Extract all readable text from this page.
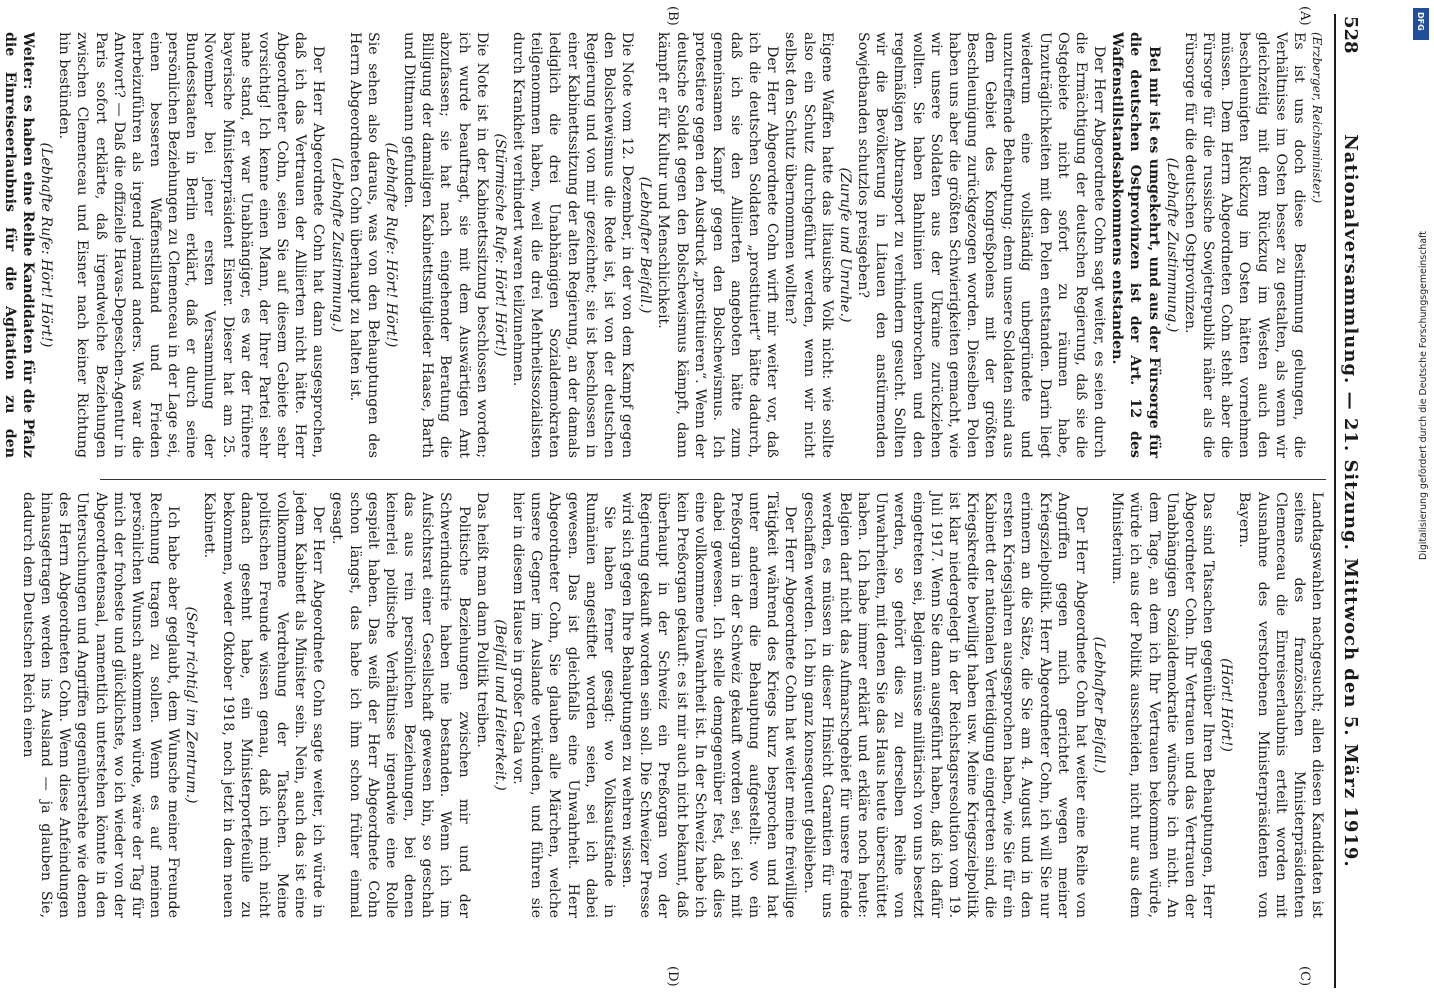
528
Nationalversammlung. — 21. Sitzung. Mittwoch den 5. März 1919.
(A)
(B)
(C)
(D)

(Erzberger, Reichsminister.)

Es ist uns doch diese Bestimmung gelungen, die Verhältnisse im Osten besser zu gestalten, als wenn wir gleichzeitig mit dem Rückzug im Westen auch den beschleunigten Rückzug im Osten hätten vornehmen müssen. Dem Herrn Abgeordneten Cohn steht aber die Fürsorge für die russische Sowjetrepublik näher als die Fürsorge für die deutschen Ostprovinzen.

(Lebhafte Zustimmung.)

Bei mir ist es umgekehrt, und aus der Fürsorge für die deutschen Ostprovinzen ist der Art. 12 des Waffenstillstandsabkommens entstanden.

Der Herr Abgeordnete Cohn sagt weiter, es seien durch die Ermächtigung der deutschen Regierung, daß sie die Ostgebiete nicht sofort zu räumen habe, Unzuträglichkeiten mit den Polen entstanden. Darin liegt wiederum eine vollständig unbegründete und unzutreffende Behauptung; denn unsere Soldaten sind aus dem Gebiet des Kongreßpolens mit der größten Beschleunigung zurückgezogen worden. Dieselben Polen haben uns aber die größten Schwierigkeiten gemacht, wie wir unsere Soldaten aus der Ukraine zurückziehen wollten. Sie haben Bahnlinien unterbrochen und den regelmäßigen Abtransport zu verhindern gesucht. Sollten wir die Bevölkerung in Litauen den anstürmenden Sowjetbanden schutzlos preisgeben?

(Zurufe und Unruhe.)

Eigene Waffen hatte das litauische Volk nicht: wie sollte also ein Schutz durchgeführt werden, wenn wir nicht selbst den Schutz übernommen wollten?

Der Herr Abgeordnete Cohn wirft mir weiter vor, daß ich die deutschen Soldaten „prostituiert“ hätte dadurch, daß ich sie den Alliierten angeboten hätte zum gemeinsamen Kampf gegen den Bolschewismus. Ich protestiere gegen den Ausdruck „prostituieren“. Wenn der deutsche Soldat gegen den Bolschewismus kämpft, dann kämpft er für Kultur und Menschlichkeit.

(Lebhafter Beifall.)

Die Note vom 12. Dezember, in der von dem Kampf gegen den Bolschewismus die Rede ist, ist von der deutschen Regierung und von mir gezeichnet; sie ist beschlossen in einer Kabinettssitzung der alten Regierung, an der damals lediglich die drei Unabhängigen Sozialdemokraten teilgenommen haben, weil die drei Mehrheitssozialisten durch Krankheit verhindert waren teilzunehmen.

(Stürmische Rufe: Hört! Hört!)

Die Note ist in der Kabinettssitzung beschlossen worden; ich wurde beauftragt, sie mit dem Auswärtigen Amt abzufassen; sie hat nach eingehender Beratung die Billigung der damaligen Kabinettsmitglieder Haase, Barth und Dittmann gefunden.

(Lebhafte Rufe: Hört! Hört!)

Sie sehen also daraus, was von den Behauptungen des Herrn Abgeordneten Cohn überhaupt zu halten ist.

(Lebhafte Zustimmung.)

Der Herr Abgeordnete Cohn hat dann ausgesprochen, daß ich das Vertrauen der Alliierten nicht hätte. Herr Abgeordneter Cohn, seien Sie auf diesem Gebiete sehr vorsichtig! Ich kenne einen Mann, der Ihrer Partei sehr nahe stand, er war Unabhängiger, es war der frühere bayerische Ministerpräsident Eisner. Dieser hat am 25. November bei jener ersten Versammlung der Bundesstaaten in Berlin erklärt, daß er durch seine persönlichen Beziehungen zu Clemenceau in der Lage sei, einen besseren Waffenstillstand und Frieden herbeizuführen als irgend jemand anders. Was war die Antwort? — Daß die offizielle Havas-Depeschen-Agentur in Paris sofort erklärte, daß irgendwelche Beziehungen zwischen Clemenceau und Eisner nach keiner Richtung hin bestünden.

(Lebhafte Rufe: Hört! Hört!)

Weiter: es haben eine Reihe Kandidaten für die Pfalz die Einreiseerlaubnis für die Agitation zu den

Landtagswahlen nachgesucht; allen diesen Kandidaten ist seitens des französischen Ministerpräsidenten Clemenceau die Einreiseerlaubnis erteilt worden mit Ausnahme des verstorbenen Ministerpräsidenten von Bayern.

(Hört! Hört!)

Das sind Tatsachen gegenüber Ihren Behauptungen, Herr Abgeordneter Cohn. Ihr Vertrauen und das Vertrauen der Unabhängigen Sozialdemokratie wünsche ich nicht. An dem Tage, an dem ich Ihr Vertrauen bekommen würde, würde ich aus der Politik ausscheiden, nicht nur aus dem Ministerium.

(Lebhafter Beifall.)

Der Herr Abgeordnete Cohn hat weiter eine Reihe von Angriffen gegen mich gerichtet wegen meiner Kriegszielpolitik. Herr Abgeordneter Cohn, ich will Sie nur erinnern an die Sätze, die Sie am 4. August und in den ersten Kriegsjahren ausgesprochen haben, wie Sie für ein Kabinett der nationalen Verteidigung eingetreten sind, die Kriegskredite bewilligt haben usw. Meine Kriegszielpolitik ist klar niedergelegt in der Reichstagsresolution vom 19. Juli 1917. Wenn Sie dann ausgeführt haben, daß ich dafür eingetreten sei, Belgien müsse militärisch von uns besetzt werden, so gehört dies zu derselben Reihe von Unwahrheiten, mit denen Sie das Haus heute überschüttet haben. Ich habe immer erklärt und erkläre noch heute: Belgien darf nicht das Aufmarschgebiet für unsere Feinde werden, es müssen in dieser Hinsicht Garantien für uns geschaffen werden. Ich bin ganz konsequent geblieben.

Der Herr Abgeordnete Cohn hat weiter meine freiwillige Tätigkeit während des Kriegs kurz besprochen und hat unter anderem die Behauptung aufgestellt: wo ein Preßorgan in der Schweiz gekauft worden sei, sei ich mit dabei gewesen. Ich stelle demgegenüber fest, daß dies eine vollkommene Unwahrheit ist. In der Schweiz habe ich kein Preßorgan gekauft: es ist mir auch nicht bekannt, daß überhaupt in der Schweiz ein Preßorgan von der Regierung gekauft worden sein soll. Die Schweizer Presse wird sich gegen Ihre Behauptungen zu wehren wissen.

Sie haben ferner gesagt: wo Volksaufstände in Rumänien angestiftet worden seien, sei ich dabei gewesen. Das ist gleichfalls eine Unwahrheit. Herr Abgeordneter Cohn, Sie glauben alle Märchen, welche unsere Gegner im Auslande verkünden, und führen sie hier in diesem Hause in großer Gala vor.

(Beifall und Heiterkeit.)

Das heißt man dann Politik treiben.

Politische Beziehungen zwischen mir und der Schwerindustrie haben nie bestanden. Wenn ich im Aufsichtsrat einer Gesellschaft gewesen bin, so geschah das aus rein persönlichen Beziehungen, bei denen keinerlei politische Verhältnisse irgendwie eine Rolle gespielt haben. Das weiß der Herr Abgeordnete Cohn schon längst, das habe ich ihm schon früher einmal gesagt.

Der Herr Abgeordnete Cohn sagte weiter, ich würde in jedem Kabinett als Minister sein. Nein, auch das ist eine vollkommene Verdrehung der Tatsachen. Meine politischen Freunde wissen genau, daß ich mich nicht danach gesehnt habe, ein Ministerportefeuille zu bekommen, weder Oktober 1918, noch jetzt in dem neuen Kabinett.

(Sehr richtig! im Zentrum.)

Ich habe aber geglaubt, dem Wunsche meiner Freunde Rechnung tragen zu sollen. Wenn es auf meinen persönlichen Wunsch ankommen würde, wäre der Tag für mich der froheste und glücklichste, wo ich wieder von der Abgeordnetensaal, namentlich unterstehen könnte in den Untersuchungen und Angriffen gegenüberstehe wie denen des Herrn Abgeordneten Cohn. Wenn diese Anfeindungen hinausgetragen werden ins Ausland — ja glauben Sie, dadurch dem Deutschen Reich einen

DFG
Digitalisierung gefördert durch die Deutsche Forschungsgemeinschaft
